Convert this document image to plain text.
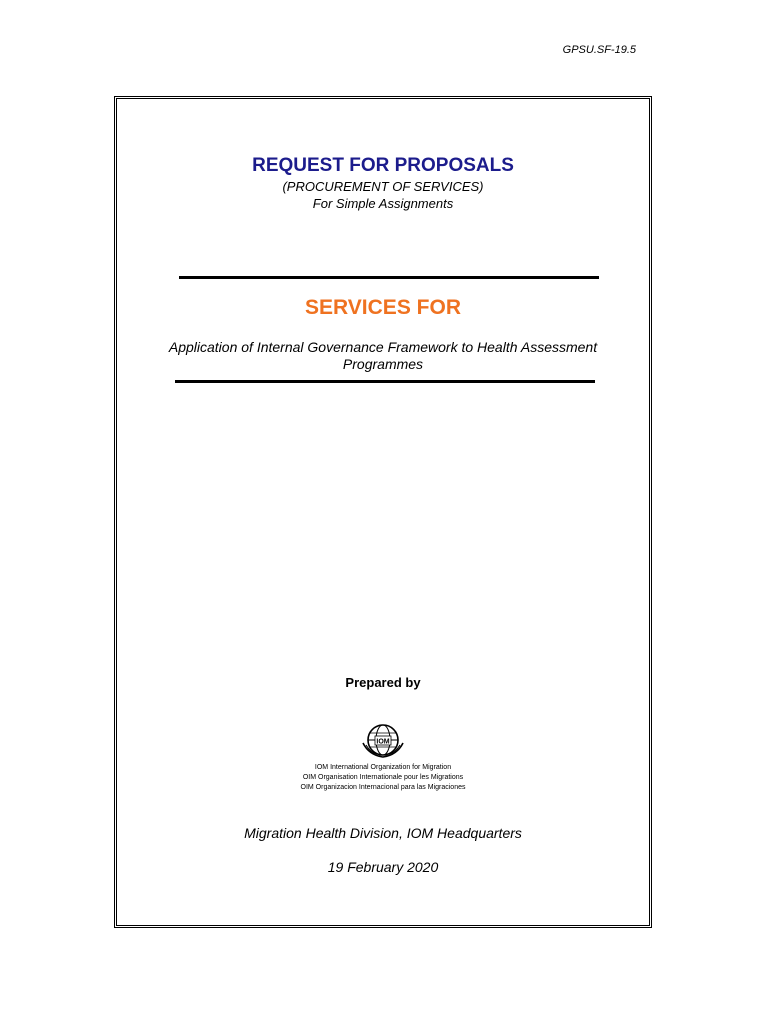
GPSU.SF-19.5
REQUEST FOR PROPOSALS
(PROCUREMENT OF SERVICES)
For Simple Assignments
SERVICES FOR
Application of Internal Governance Framework to Health Assessment Programmes
Prepared by
IOM
IOM International Organization for Migration
OIM Organisation Internationale pour les Migrations
OIM Organizacion Internacional para las Migraciones
Migration Health Division, IOM Headquarters
19 February 2020
